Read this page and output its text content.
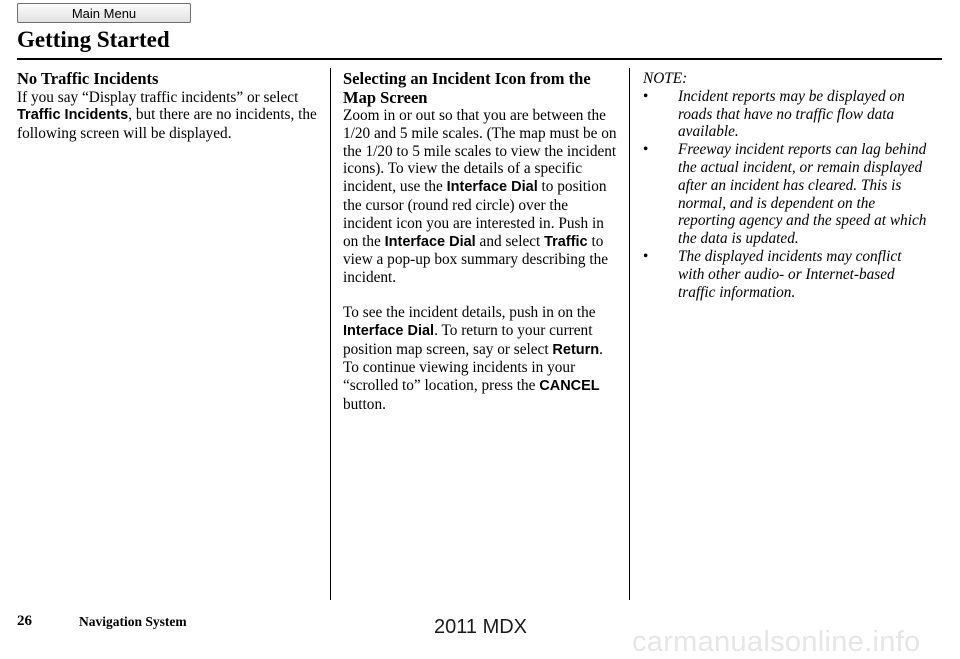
Main Menu
Getting Started
No Traffic Incidents

If you say “Display traffic incidents” or select Traffic Incidents, but there are no incidents, the following screen will be displayed.

Selecting an Incident Icon from the Map Screen

Zoom in or out so that you are between the 1/20 and 5 mile scales. (The map must be on the 1/20 to 5 mile scales to view the incident icons). To view the details of a specific incident, use the Interface Dial to position the cursor (round red circle) over the incident icon you are interested in. Push in on the Interface Dial and select Traffic to view a pop-up box summary describing the incident.

To see the incident details, push in on the Interface Dial. To return to your current position map screen, say or select Return. To continue viewing incidents in your “scrolled to” location, press the CANCEL button.

NOTE:
•	Incident reports may be displayed on roads that have no traffic flow data available.
•	Freeway incident reports can lag behind the actual incident, or remain displayed after an incident has cleared. This is normal, and is dependent on the reporting agency and the speed at which the data is updated.
•	The displayed incidents may conflict with other audio- or Internet-based traffic information.
26	Navigation System	2011 MDX	carmanualsonline.info
